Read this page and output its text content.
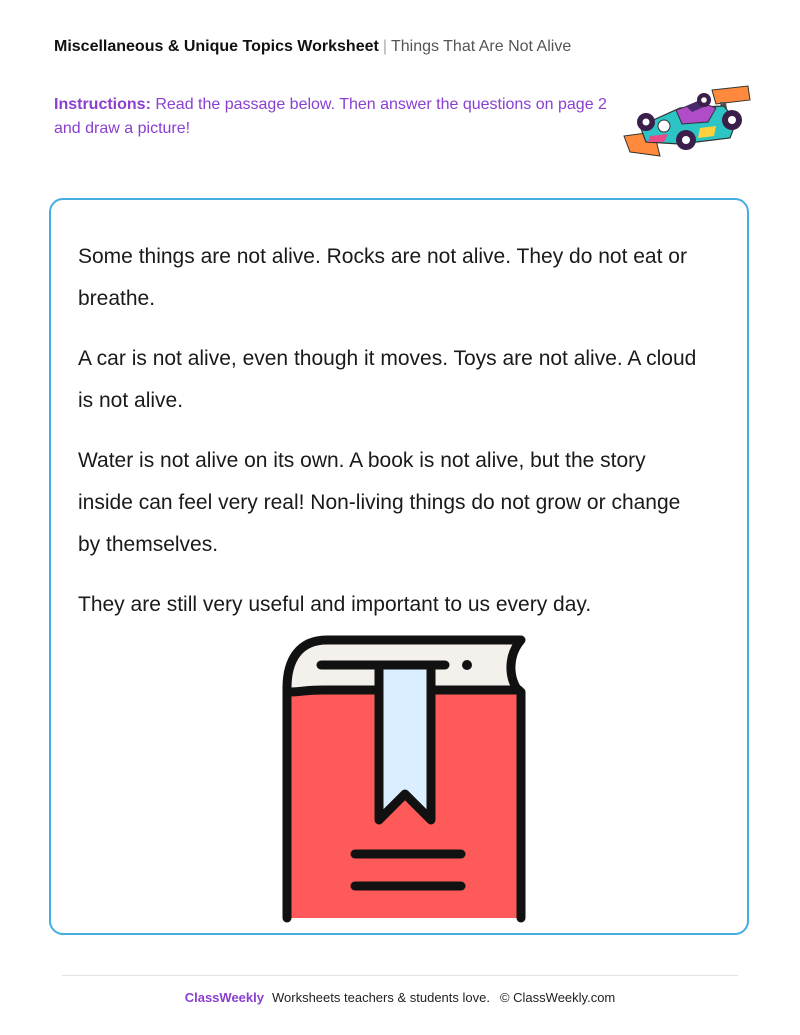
Miscellaneous & Unique Topics Worksheet | Things That Are Not Alive
Instructions: Read the passage below. Then answer the questions on page 2 and draw a picture!

Some things are not alive. Rocks are not alive. They do not eat or breathe.

A car is not alive, even though it moves. Toys are not alive. A cloud is not alive.

Water is not alive on its own. A book is not alive, but the story inside can feel very real! Non-living things do not grow or change by themselves.

They are still very useful and important to us every day.

ClassWeekly Worksheets teachers & students love. © ClassWeekly.com
